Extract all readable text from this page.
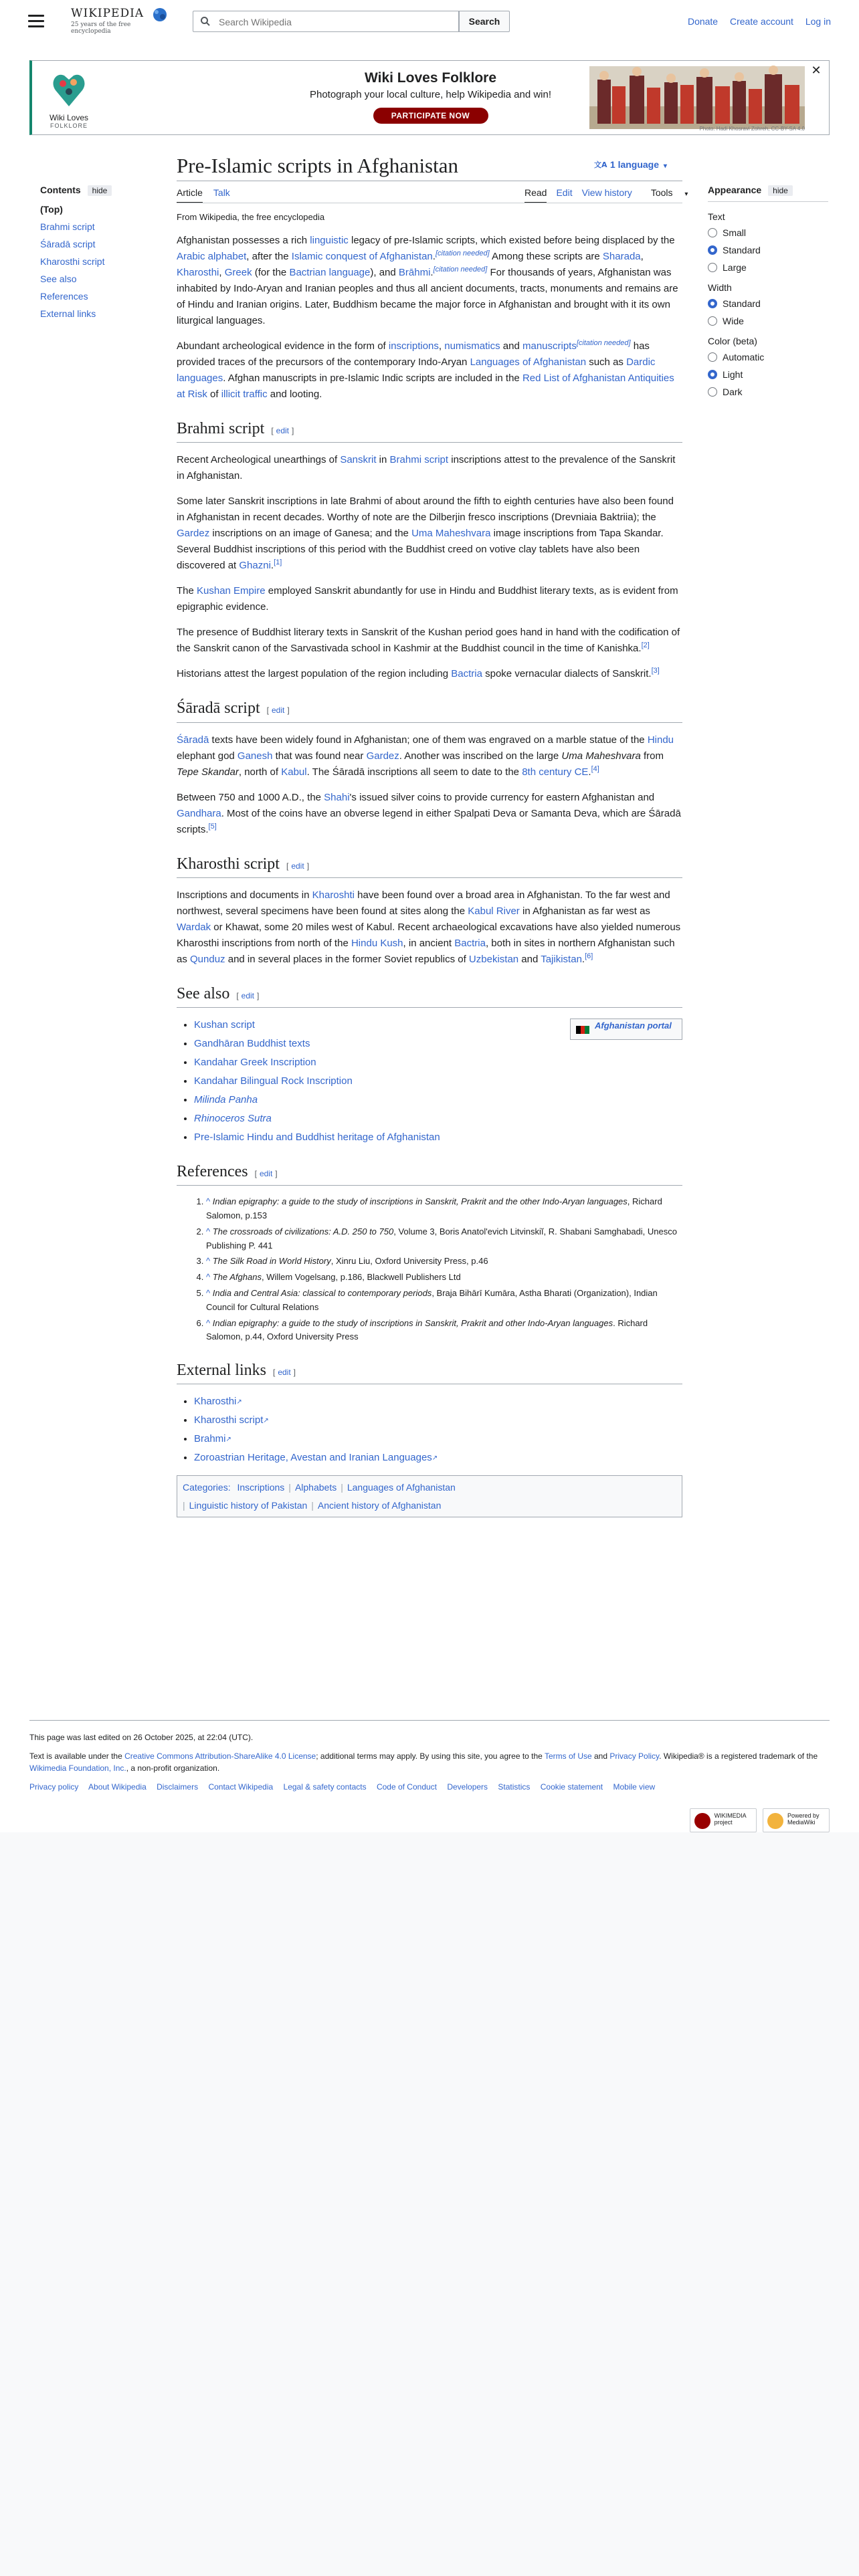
WIKIPEDIA
25 years of the free encyclopedia
Search Wikipedia
Search	Donate Create account Log in
Wiki Loves
FOLKLORE
Wiki Loves Folklore
Photograph your local culture, help Wikipedia and win!
PARTICIPATE NOW
Photo: Hadi Khosravi Zohreh, CC-BY-SA 4.0
✕
Contents hide
(Top)
Brahmi script
Śāradā script
Kharosthi script
See also
References
External links
Pre-Islamic scripts in Afghanistan	文A 1 language ▾
Article Talk	Read Edit View history Tools ▾
From Wikipedia, the free encyclopedia

Afghanistan possesses a rich linguistic legacy of pre-Islamic scripts, which existed before being displaced by the Arabic alphabet, after the Islamic conquest of Afghanistan.[citation needed] Among these scripts are Sharada, Kharosthi, Greek (for the Bactrian language), and Brāhmi.[citation needed] For thousands of years, Afghanistan was inhabited by Indo-Aryan and Iranian peoples and thus all ancient documents, tracts, monuments and remains are of Hindu and Iranian origins. Later, Buddhism became the major force in Afghanistan and brought with it its own liturgical languages.

Abundant archeological evidence in the form of inscriptions, numismatics and manuscripts[citation needed] has provided traces of the precursors of the contemporary Indo-Aryan Languages of Afghanistan such as Dardic languages. Afghan manuscripts in pre-Islamic Indic scripts are included in the Red List of Afghanistan Antiquities at Risk of illicit traffic and looting.

Brahmi script [ edit ]

Recent Archeological unearthings of Sanskrit in Brahmi script inscriptions attest to the prevalence of the Sanskrit in Afghanistan.

Some later Sanskrit inscriptions in late Brahmi of about around the fifth to eighth centuries have also been found in Afghanistan in recent decades. Worthy of note are the Dilberjin fresco inscriptions (Drevniaia Baktriia); the Gardez inscriptions on an image of Ganesa; and the Uma Maheshvara image inscriptions from Tapa Skandar. Several Buddhist inscriptions of this period with the Buddhist creed on votive clay tablets have also been discovered at Ghazni.[1]

The Kushan Empire employed Sanskrit abundantly for use in Hindu and Buddhist literary texts, as is evident from epigraphic evidence.

The presence of Buddhist literary texts in Sanskrit of the Kushan period goes hand in hand with the codification of the Sanskrit canon of the Sarvastivada school in Kashmir at the Buddhist council in the time of Kanishka.[2]

Historians attest the largest population of the region including Bactria spoke vernacular dialects of Sanskrit.[3]

Śāradā script [ edit ]

Śāradā texts have been widely found in Afghanistan; one of them was engraved on a marble statue of the Hindu elephant god Ganesh that was found near Gardez. Another was inscribed on the large Uma Maheshvara from Tepe Skandar, north of Kabul. The Śāradā inscriptions all seem to date to the 8th century CE.[4]

Between 750 and 1000 A.D., the Shahi's issued silver coins to provide currency for eastern Afghanistan and Gandhara. Most of the coins have an obverse legend in either Spalpati Deva or Samanta Deva, which are Śāradā scripts.[5]

Kharosthi script [ edit ]

Inscriptions and documents in Kharoshti have been found over a broad area in Afghanistan. To the far west and northwest, several specimens have been found at sites along the Kabul River in Afghanistan as far west as Wardak or Khawat, some 20 miles west of Kabul. Recent archaeological excavations have also yielded numerous Kharosthi inscriptions from north of the Hindu Kush, in ancient Bactria, both in sites in northern Afghanistan such as Qunduz and in several places in the former Soviet republics of Uzbekistan and Tajikistan.[6]

See also [ edit ]
Afghanistan portal
• Kushan script
• Gandhāran Buddhist texts
• Kandahar Greek Inscription
• Kandahar Bilingual Rock Inscription
• Milinda Panha
• Rhinoceros Sutra
• Pre-Islamic Hindu and Buddhist heritage of Afghanistan
References [ edit ]
1. ^ Indian epigraphy: a guide to the study of inscriptions in Sanskrit, Prakrit and the other Indo-Aryan languages, Richard Salomon, p.153
2. ^ The crossroads of civilizations: A.D. 250 to 750, Volume 3, Boris Anatol'evich Litvinskiĭ, R. Shabani Samghabadi, Unesco Publishing P. 441
3. ^ The Silk Road in World History, Xinru Liu, Oxford University Press, p.46
4. ^ The Afghans, Willem Vogelsang, p.186, Blackwell Publishers Ltd
5. ^ India and Central Asia: classical to contemporary periods, Braja Bihārī Kumāra, Astha Bharati (Organization), Indian Council for Cultural Relations
6. ^ Indian epigraphy: a guide to the study of inscriptions in Sanskrit, Prakrit and other Indo-Aryan languages. Richard Salomon, p.44, Oxford University Press
External links [ edit ]
• Kharosthi↗
• Kharosthi script↗
• Brahmi↗
• Zoroastrian Heritage, Avestan and Iranian Languages↗
Categories: Inscriptions | Alphabets | Languages of Afghanistan
| Linguistic history of Pakistan | Ancient history of Afghanistan
Appearance hide
Text
Small
Standard
Large
Width
Standard
Wide
Color (beta)
Automatic
Light
Dark

This page was last edited on 26 October 2025, at 22:04 (UTC).

Text is available under the Creative Commons Attribution-ShareAlike 4.0 License; additional terms may apply. By using this site, you agree to the Terms of Use and Privacy Policy. Wikipedia® is a registered trademark of the Wikimedia Foundation, Inc., a non-profit organization.

Privacy policy About Wikipedia Disclaimers Contact Wikipedia Legal & safety contacts Code of Conduct Developers Statistics Cookie statement Mobile view
WIKIMEDIA project
Powered by MediaWiki
